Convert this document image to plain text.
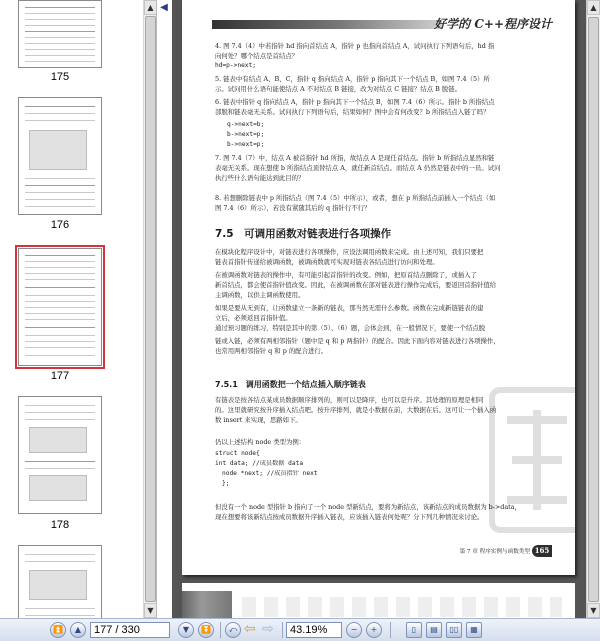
175
176
177
178
▲
▼
◀
好学的 C++程序设计
4. 图 7.4（4）中若指针 hd 指向首结点 A，指针 p 也指向首结点 A，试问执行下列语句后，hd 指
向何处？哪个结点是首结点？
hd=p->next;
5. 链表中有结点 A、B、C，指针 q 指向结点 A，指针 p 指向其下一个结点 B，如图 7.4（5）所
示。试问用什么语句能使结点 A 不对结点 B 链接，改为对结点 C 链接？结点 B 脱链。
6. 链表中指针 q 指向结点 A，指针 p 指向其下一个结点 B，如图 7.4（6）所示。指针 b 所指结点
部脱和链表毫无关系。试问执行下列语句后，结果如何？图中会有何改变？b 所指结点入链了吗？
q->next=b;
b->next=p;
b->next=p;
7. 图 7.4（7）中，结点 A 被首指针 hd 所指，故结点 A 是现任首结点。指针 b 所指结点显然和链
表毫无关系。现在想使 b 所指结点顶替结点 A，就任新首结点。而结点 A 仍然是链表中的一员。试问
执行些什么语句能达到此目的？
8. 若想删除链表中 p 所指结点（图 7.4（5）中所示），或者，想在 p 所指结点前插入一个结点（如
图 7.4（6）所示），若没有紧随其后的 q 指针行不行？
7.5　可调用函数对链表进行各项操作
在模块化程序设计中，对链表进行各项操作，应设法调用函数来完成。由上述可知，我们只要把
链表首指针传递给被调函数，被调函数就可实现对链表各结点进行访问和处理。
在被调函数对链表的操作中，有可能引起首指针的改变。例如，把原首结点删除了，或插入了
新首结点，都会使首指针值改变。因此，在被调函数在部对链表进行操作完成后，要返回首指针值给
主调函数，以供主调函数使用。
如果是要从无到有，让函数建立一条新的链表，那当然无需什么参数。函数在完成新链链表的建
立后，必须返回首指针值。
通过预习题的练习，特别是其中的第（5）、（6）题，会体会到，在一般情况下，要使一个结点脱
链或入链，必须有两相邻指针（题中是 q 和 p 两指针）的配合。因此下面内容对链表进行各项操作，
也常用两相邻指针 q 和 p 的配合进行。
7.5.1　调用函数把一个结点插入顺序链表
有链表是按各结点某成员数据顺序排列的，则可以是降序，也可以是升序。其处理的原理是相同
的。这里就研究按升序插入结点吧。按升序排列，就是小数据在前，大数据在后。这可让一个插入函
数 insert 来实现，思路如下。
仍以上述结构 node 类型为例：
struct node{
int data; //成员数据 data
node *next; //成员指针 next
};
但没有一个 node 型指针 b 指向了一个 node 型新结点，要将为新结点，该新结点的成员数据为 b->data，
现在想要将该新结点按成员数据升序插入链表，应该插入链表何处呢？分下列几种情况来讨论。
第 7 章 程序实例与函数类型 165
▲
▼
⏫	▲
177 / 330	▼	⏬	⤺ ⇦ ⇨
43.19%	−	+	▯	▤	▯▯	▦
